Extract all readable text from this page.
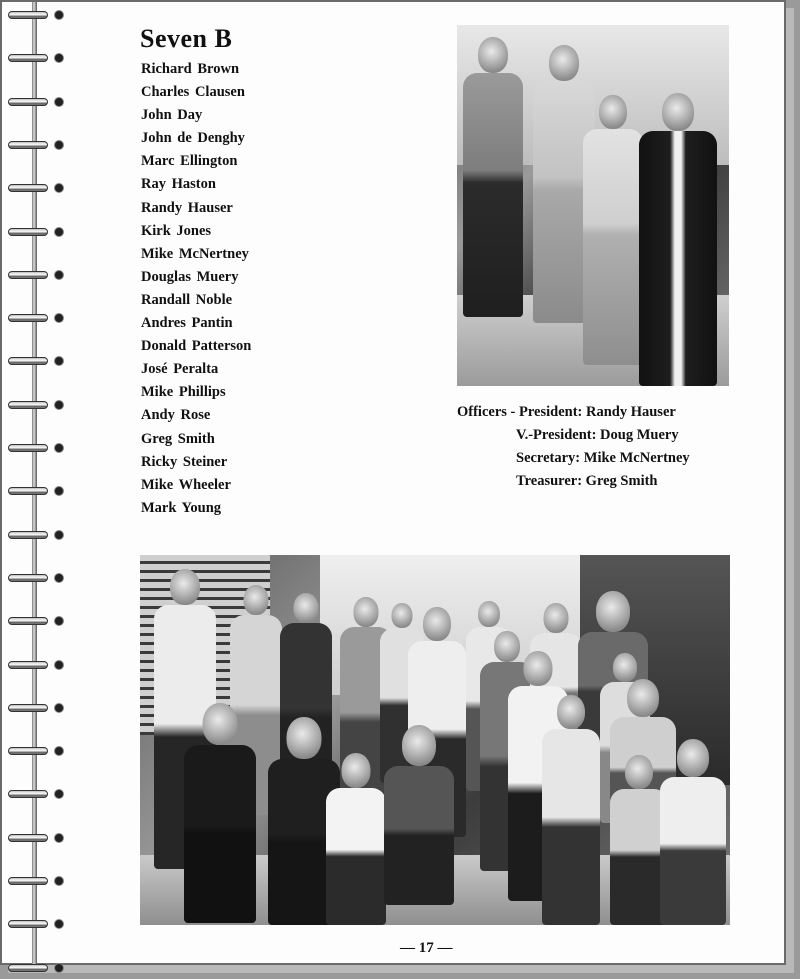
Seven B
Richard Brown
Charles Clausen
John Day
John de Denghy
Marc Ellington
Ray Haston
Randy Hauser
Kirk Jones
Mike McNertney
Douglas Muery
Randall Noble
Andres Pantin
Donald Patterson
José Peralta
Mike Phillips
Andy Rose
Greg Smith
Ricky Steiner
Mike Wheeler
Mark Young
Officers - President: Randy Hauser
V.-President: Doug Muery
Secretary: Mike McNertney
Treasurer: Greg Smith
— 17 —
